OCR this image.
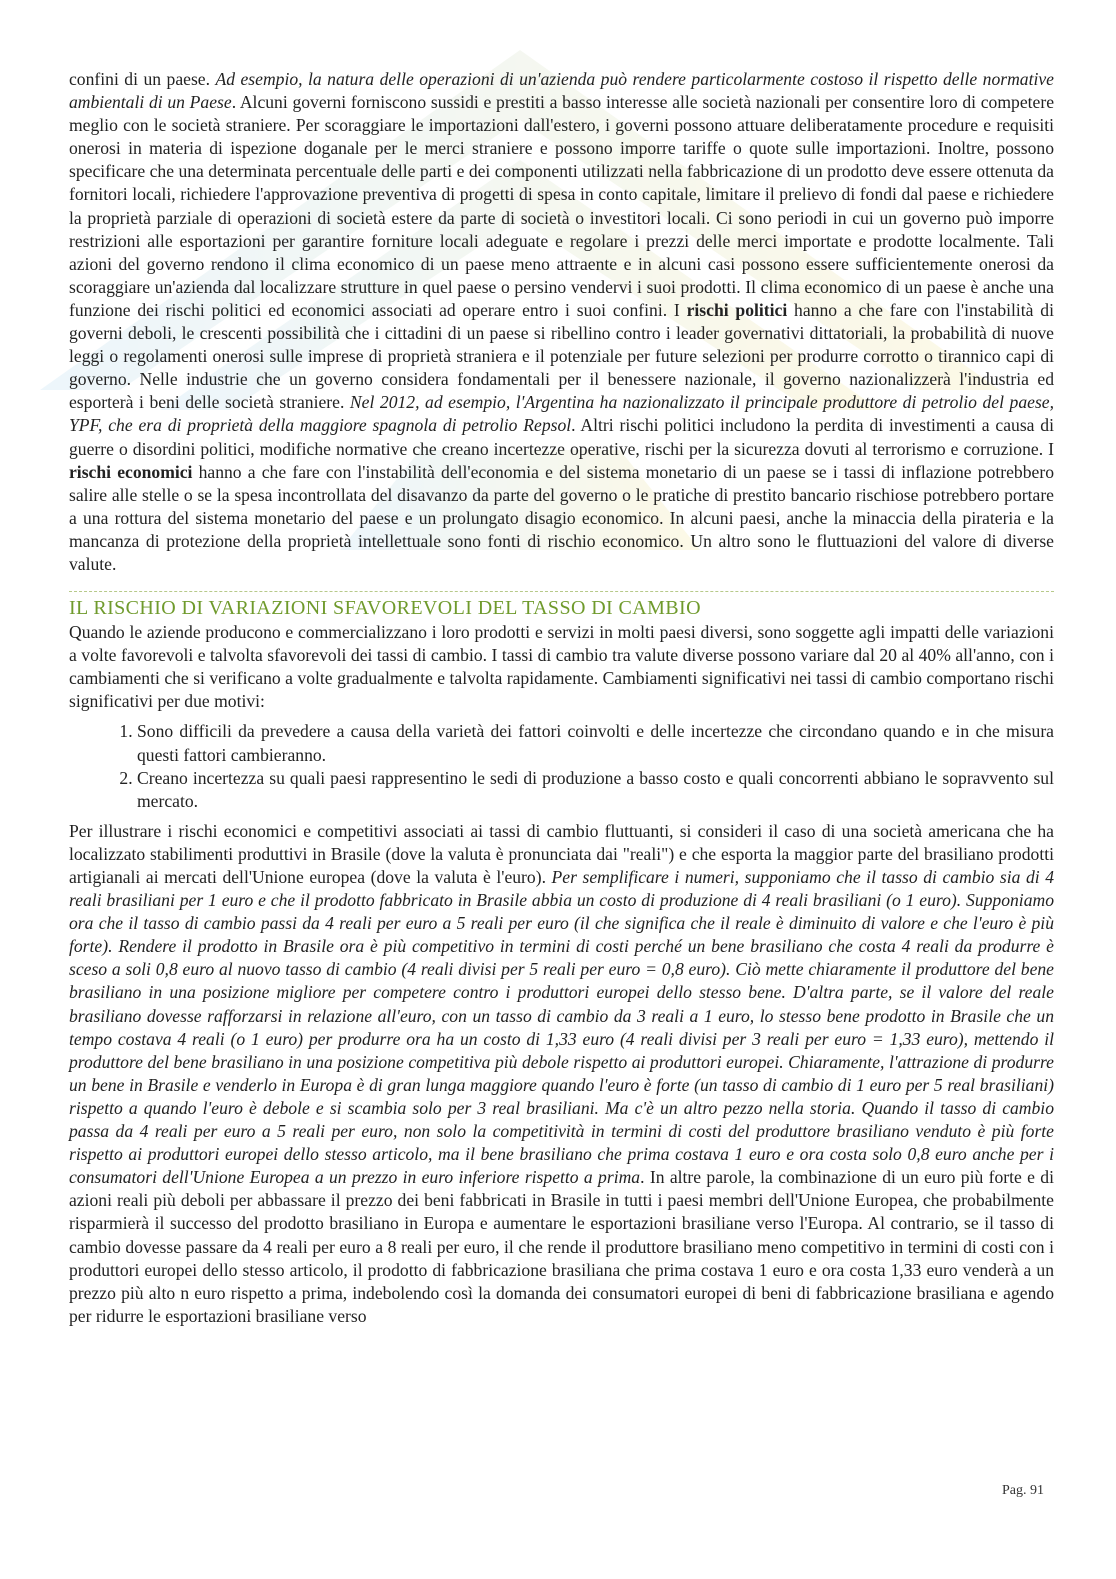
confini di un paese. Ad esempio, la natura delle operazioni di un'azienda può rendere particolarmente costoso il rispetto delle normative ambientali di un Paese. Alcuni governi forniscono sussidi e prestiti a basso interesse alle società nazionali per consentire loro di competere meglio con le società straniere. Per scoraggiare le importazioni dall'estero, i governi possono attuare deliberatamente procedure e requisiti onerosi in materia di ispezione doganale per le merci straniere e possono imporre tariffe o quote sulle importazioni. Inoltre, possono specificare che una determinata percentuale delle parti e dei componenti utilizzati nella fabbricazione di un prodotto deve essere ottenuta da fornitori locali, richiedere l'approvazione preventiva di progetti di spesa in conto capitale, limitare il prelievo di fondi dal paese e richiedere la proprietà parziale di operazioni di società estere da parte di società o investitori locali. Ci sono periodi in cui un governo può imporre restrizioni alle esportazioni per garantire forniture locali adeguate e regolare i prezzi delle merci importate e prodotte localmente. Tali azioni del governo rendono il clima economico di un paese meno attraente e in alcuni casi possono essere sufficientemente onerosi da scoraggiare un'azienda dal localizzare strutture in quel paese o persino vendervi i suoi prodotti. Il clima economico di un paese è anche una funzione dei rischi politici ed economici associati ad operare entro i suoi confini. I rischi politici hanno a che fare con l'instabilità di governi deboli, le crescenti possibilità che i cittadini di un paese si ribellino contro i leader governativi dittatoriali, la probabilità di nuove leggi o regolamenti onerosi sulle imprese di proprietà straniera e il potenziale per future selezioni per produrre corrotto o tirannico capi di governo. Nelle industrie che un governo considera fondamentali per il benessere nazionale, il governo nazionalizzerà l'industria ed esporterà i beni delle società straniere. Nel 2012, ad esempio, l'Argentina ha nazionalizzato il principale produttore di petrolio del paese, YPF, che era di proprietà della maggiore spagnola di petrolio Repsol. Altri rischi politici includono la perdita di investimenti a causa di guerre o disordini politici, modifiche normative che creano incertezze operative, rischi per la sicurezza dovuti al terrorismo e corruzione. I rischi economici hanno a che fare con l'instabilità dell'economia e del sistema monetario di un paese se i tassi di inflazione potrebbero salire alle stelle o se la spesa incontrollata del disavanzo da parte del governo o le pratiche di prestito bancario rischiose potrebbero portare a una rottura del sistema monetario del paese e un prolungato disagio economico. In alcuni paesi, anche la minaccia della pirateria e la mancanza di protezione della proprietà intellettuale sono fonti di rischio economico. Un altro sono le fluttuazioni del valore di diverse valute.

IL RISCHIO DI VARIAZIONI SFAVOREVOLI DEL TASSO DI CAMBIO

Quando le aziende producono e commercializzano i loro prodotti e servizi in molti paesi diversi, sono soggette agli impatti delle variazioni a volte favorevoli e talvolta sfavorevoli dei tassi di cambio. I tassi di cambio tra valute diverse possono variare dal 20 al 40% all'anno, con i cambiamenti che si verificano a volte gradualmente e talvolta rapidamente. Cambiamenti significativi nei tassi di cambio comportano rischi significativi per due motivi:

1. Sono difficili da prevedere a causa della varietà dei fattori coinvolti e delle incertezze che circondano quando e in che misura questi fattori cambieranno.
2. Creano incertezza su quali paesi rappresentino le sedi di produzione a basso costo e quali concorrenti abbiano le sopravvento sul mercato.

Per illustrare i rischi economici e competitivi associati ai tassi di cambio fluttuanti, si consideri il caso di una società americana che ha localizzato stabilimenti produttivi in Brasile (dove la valuta è pronunciata dai "reali") e che esporta la maggior parte del brasiliano prodotti artigianali ai mercati dell'Unione europea (dove la valuta è l'euro). Per semplificare i numeri, supponiamo che il tasso di cambio sia di 4 reali brasiliani per 1 euro e che il prodotto fabbricato in Brasile abbia un costo di produzione di 4 reali brasiliani (o 1 euro). Supponiamo ora che il tasso di cambio passi da 4 reali per euro a 5 reali per euro (il che significa che il reale è diminuito di valore e che l'euro è più forte). Rendere il prodotto in Brasile ora è più competitivo in termini di costi perché un bene brasiliano che costa 4 reali da produrre è sceso a soli 0,8 euro al nuovo tasso di cambio (4 reali divisi per 5 reali per euro = 0,8 euro). Ciò mette chiaramente il produttore del bene brasiliano in una posizione migliore per competere contro i produttori europei dello stesso bene. D'altra parte, se il valore del reale brasiliano dovesse rafforzarsi in relazione all'euro, con un tasso di cambio da 3 reali a 1 euro, lo stesso bene prodotto in Brasile che un tempo costava 4 reali (o 1 euro) per produrre ora ha un costo di 1,33 euro (4 reali divisi per 3 reali per euro = 1,33 euro), mettendo il produttore del bene brasiliano in una posizione competitiva più debole rispetto ai produttori europei. Chiaramente, l'attrazione di produrre un bene in Brasile e venderlo in Europa è di gran lunga maggiore quando l'euro è forte (un tasso di cambio di 1 euro per 5 real brasiliani) rispetto a quando l'euro è debole e si scambia solo per 3 real brasiliani. Ma c'è un altro pezzo nella storia. Quando il tasso di cambio passa da 4 reali per euro a 5 reali per euro, non solo la competitività in termini di costi del produttore brasiliano venduto è più forte rispetto ai produttori europei dello stesso articolo, ma il bene brasiliano che prima costava 1 euro e ora costa solo 0,8 euro anche per i consumatori dell'Unione Europea a un prezzo in euro inferiore rispetto a prima. In altre parole, la combinazione di un euro più forte e di azioni reali più deboli per abbassare il prezzo dei beni fabbricati in Brasile in tutti i paesi membri dell'Unione Europea, che probabilmente risparmierà il successo del prodotto brasiliano in Europa e aumentare le esportazioni brasiliane verso l'Europa. Al contrario, se il tasso di cambio dovesse passare da 4 reali per euro a 8 reali per euro, il che rende il produttore brasiliano meno competitivo in termini di costi con i produttori europei dello stesso articolo, il prodotto di fabbricazione brasiliana che prima costava 1 euro e ora costa 1,33 euro venderà a un prezzo più alto n euro rispetto a prima, indebolendo così la domanda dei consumatori europei di beni di fabbricazione brasiliana e agendo per ridurre le esportazioni brasiliane verso

Pag. 91
